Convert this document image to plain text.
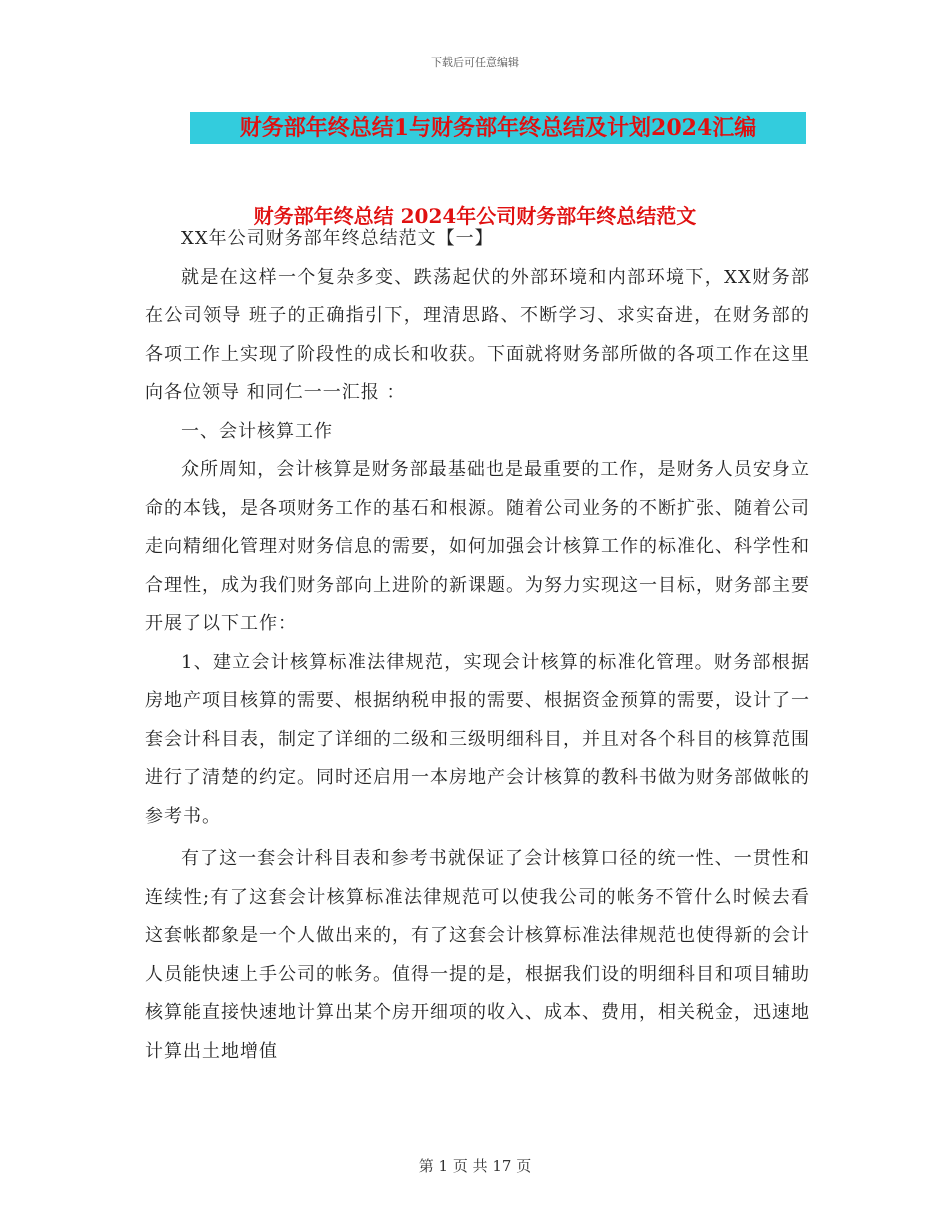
下载后可任意编辑
财务部年终总结1与财务部年终总结及计划2024汇编
财务部年终总结 2024年公司财务部年终总结范文

XX年公司财务部年终总结范文【一】

就是在这样一个复杂多变、跌荡起伏的外部环境和内部环境下，XX财务部在公司领导 班子的正确指引下，理清思路、不断学习、求实奋进，在财务部的各项工作上实现了阶段性的成长和收获。下面就将财务部所做的各项工作在这里向各位领导 和同仁一一汇报 ：

一、会计核算工作

众所周知，会计核算是财务部最基础也是最重要的工作，是财务人员安身立命的本钱，是各项财务工作的基石和根源。随着公司业务的不断扩张、随着公司走向精细化管理对财务信息的需要，如何加强会计核算工作的标准化、科学性和合理性，成为我们财务部向上进阶的新课题。为努力实现这一目标，财务部主要开展了以下工作：

1、建立会计核算标准法律规范，实现会计核算的标准化管理。财务部根据房地产项目核算的需要、根据纳税申报的需要、根据资金预算的需要，设计了一套会计科目表，制定了详细的二级和三级明细科目，并且对各个科目的核算范围进行了清楚的约定。同时还启用一本房地产会计核算的教科书做为财务部做帐的参考书。

有了这一套会计科目表和参考书就保证了会计核算口径的统一性、一贯性和连续性;有了这套会计核算标准法律规范可以使我公司的帐务不管什么时候去看这套帐都象是一个人做出来的，有了这套会计核算标准法律规范也使得新的会计人员能快速上手公司的帐务。值得一提的是，根据我们设的明细科目和项目辅助核算能直接快速地计算出某个房开细项的收入、成本、费用，相关税金，迅速地计算出土地增值

第 1 页 共 17 页
